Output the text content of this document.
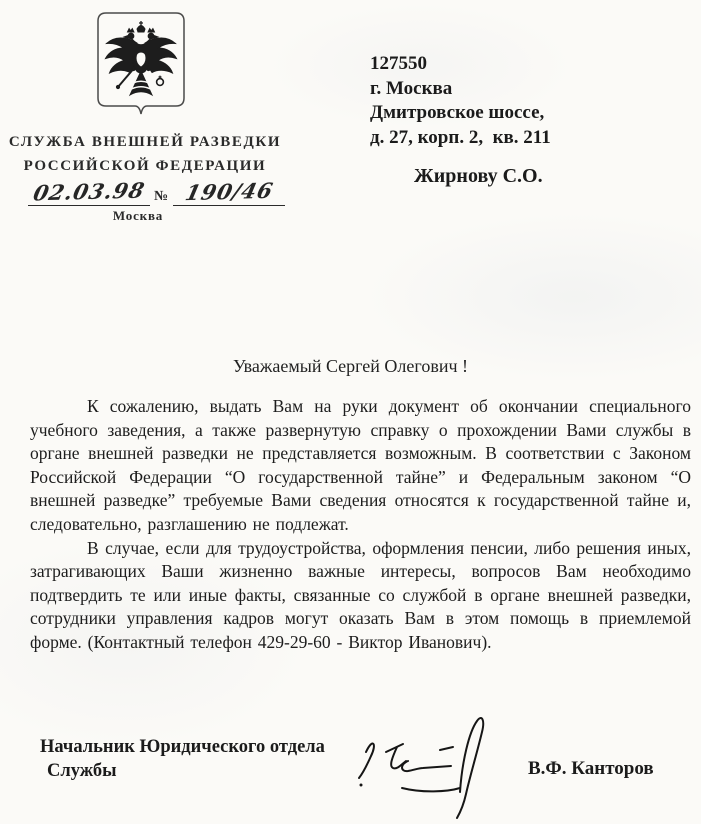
СЛУЖБА ВНЕШНЕЙ РАЗВЕДКИ
РОССИЙСКОЙ ФЕДЕРАЦИИ
02.03.98 № 190/46
Москва
127550
г. Москва
Дмитровское шоссе,
д. 27, корп. 2,  кв. 211
Жирнову С.О.
Уважаемый Сергей Олегович !

К сожалению, выдать Вам на руки документ об окончании специального учебного заведения, а также развернутую справку о прохождении Вами службы в органе внешней разведки не представляется возможным. В соответствии с Законом Российской Федерации “О государственной тайне” и Федеральным законом “О внешней разведке” требуемые Вами сведения относятся к государственной тайне и, следовательно, разглашению не подлежат.

В случае, если для трудоустройства, оформления пенсии, либо решения иных, затрагивающих Ваши жизненно важные интересы, вопросов Вам необходимо подтвердить те или иные факты, связанные со службой в органе внешней разведки, сотрудники управления кадров могут оказать Вам в этом помощь в приемлемой форме. (Контактный телефон 429-29-60 - Виктор Иванович).

Начальник Юридического отдела
Службы	В.Ф. Канторов
